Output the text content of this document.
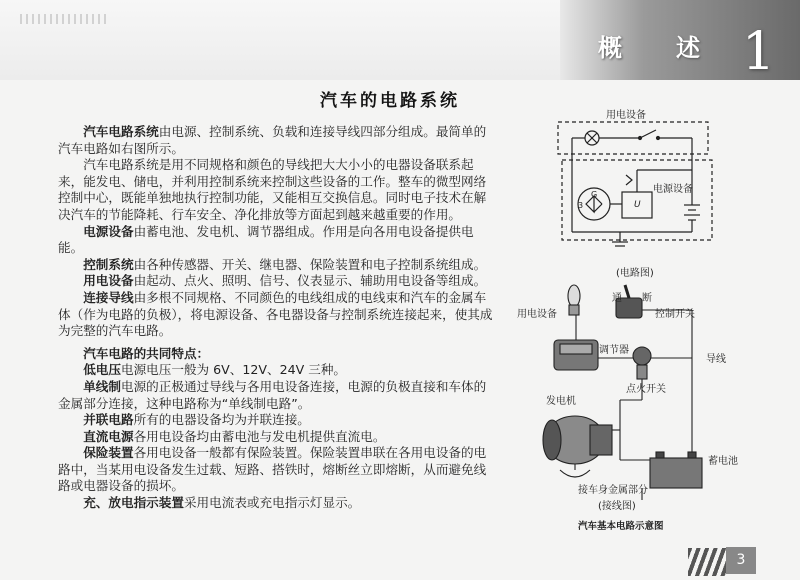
概 述 1
汽车的电路系统

汽车电路系统由电源、控制系统、负载和连接导线四部分组成。最简单的汽车电路如右图所示。

汽车电路系统是用不同规格和颜色的导线把大大小小的电器设备联系起来，能发电、储电，并利用控制系统来控制这些设备的工作。整车的微型网络控制中心，既能单独地执行控制功能，又能相互交换信息。同时电子技术在解决汽车的节能降耗、行车安全、净化排放等方面起到越来越重要的作用。

电源设备由蓄电池、发电机、调节器组成。作用是向各用电设备提供电能。

控制系统由各种传感器、开关、继电器、保险装置和电子控制系统组成。

用电设备由起动、点火、照明、信号、仪表显示、辅助用电设备等组成。

连接导线由多根不同规格、不同颜色的电线组成的电线束和汽车的金属车体（作为电路的负极），将电源设备、各电器设备与控制系统连接起来，使其成为完整的汽车电路。

汽车电路的共同特点：

低电压电源电压一般为 6V、12V、24V 三种。

单线制电源的正极通过导线与各用电设备连接，电源的负极直接和车体的金属部分连接，这种电路称为“单线制电路”。

并联电路所有的电器设备均为并联连接。

直流电源各用电设备均由蓄电池与发电机提供直流电。

保险装置各用电设备一般都有保险装置。保险装置串联在各用电设备的电路中，当某用电设备发生过载、短路、搭铁时，熔断丝立即熔断，从而避免线路或电器设备的损坏。

充、放电指示装置采用电流表或充电指示灯显示。

用电设备
电源设备
G
3	U
(电路图)
用电设备
通 断
控制开关
调节器
导线
点火开关
发电机
蓄电池
接车身金属部分
(接线图)
汽车基本电路示意图
3
